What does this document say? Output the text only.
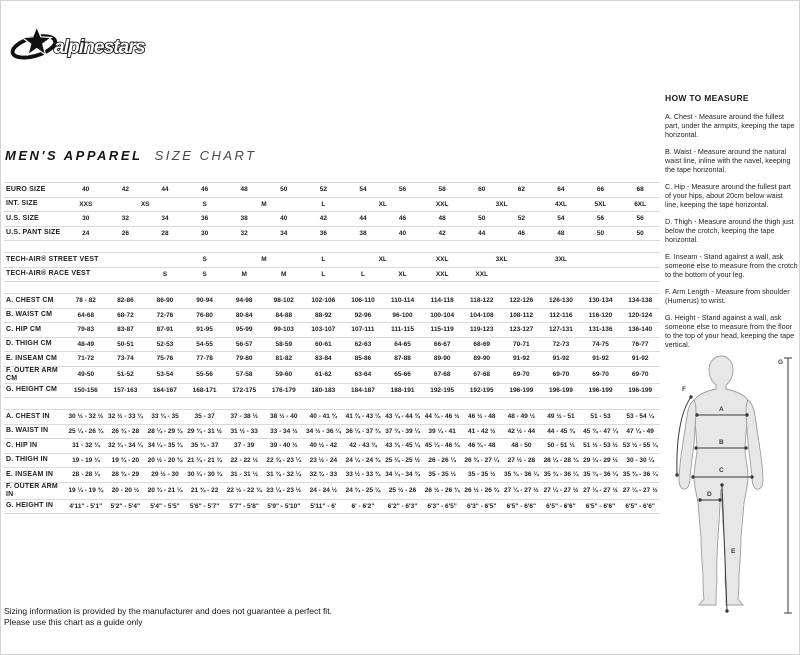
alpinestars
MEN'S APPAREL SIZE CHART
EURO SIZE	40	42	44	46	48	50	52	54	56	58	60	62	64	66	68
INT. SIZE	XXS	XS		S	M		L	XL		XXL	3XL		4XL	5XL	6XL
U.S. SIZE	30	32	34	36	38	40	42	44	46	48	50	52	54	56	56
U.S. PANT SIZE	24	26	28	30	32	34	36	38	40	42	44	46	48	50	50

TECH-AIR® STREET VEST				S	M		L	XL		XXL	3XL		3XL		
TECH-AIR® RACE VEST			S	S	M	M	L	L	XL	XXL	XXL				

A. CHEST CM	78 - 82	82-86	86-90	90-94	94-98	98-102	102-106	106-110	110-114	114-118	118-122	122-126	126-130	130-134	134-138
B. WAIST CM	64-68	68-72	72-76	76-80	80-84	84-88	88-92	92-96	96-100	100-104	104-108	108-112	112-116	116-120	120-124
C. HIP CM	79-83	83-87	87-91	91-95	95-99	99-103	103-107	107-111	111-115	115-119	119-123	123-127	127-131	131-136	136-140
D. THIGH CM	48-49	50-51	52-53	54-55	56-57	58-59	60-61	62-63	64-65	66-67	68-69	70-71	72-73	74-75	76-77
E. INSEAM CM	71-72	73-74	75-76	77-78	79-80	81-82	83-84	85-86	87-88	89-90	89-90	91-92	91-92	91-92	91-92
F. OUTER ARM CM	49-50	51-52	53-54	55-56	57-58	59-60	61-62	63-64	65-66	67-68	67-68	69-70	69-70	69-70	69-70
G. HEIGHT CM	150-156	157-163	164-167	168-171	172-175	176-179	180-183	184-187	188-191	192-195	192-195	196-199	196-199	196-199	196-199

A. CHEST IN	30 ½ - 32 ½	32 ½ - 33 ¾	33 ¾ - 35	35 - 37	37 - 38 ½	38 ½ - 40	40 - 41 ¾	41 ¾ - 43 ¼	43 ¼ - 44 ¾	44 ¾ - 46 ½	46 ½ - 48	48 - 49 ½	49 ½ - 51	51 - 53	53 - 54 ¼
B. WAIST IN	25 ¼ - 26 ¾	26 ¾ - 28	28 ¼ - 29 ¾	29 ¾ - 31 ½	31 ½ - 33	33 - 34 ½	34 ½ - 36 ¼	36 ¼ - 37 ¾	37 ¾ - 39 ¼	39 ¼ - 41	41 - 42 ½	42 ½ - 44	44 - 45 ¾	45 ¾ - 47 ¼	47 ¼ - 49
C. HIP IN	31 - 32 ¾	32 ¾ - 34 ¼	34 ¼ - 35 ¾	35 ¾ - 37	37 - 39	39 - 40 ½	40 ½ - 42	42 - 43 ¾	43 ¾ - 45 ¼	45 ¼ - 46 ¾	46 ¾ - 48	48 - 50	50 - 51 ½	51 ½ - 53 ½	53 ½ - 55 ¼
D. THIGH IN	19 - 19 ¼	19 ¾ - 20	20 ½ - 20 ¾	21 ¼ - 21 ¾	22 - 22 ½	22 ¾ - 23 ¼	23 ½ - 24	24 ¼ - 24 ¾	25 ¼ - 25 ½	26 - 26 ¼	26 ¾ - 27 ¼	27 ½ - 28	28 ¼ - 28 ¾	29 ¼ - 29 ½	30 - 30 ¼
E. INSEAM IN	28 - 28 ¼	28 ¾ - 29	29 ½ - 30	30 ¼ - 30 ¾	31 - 31 ½	31 ¾ - 32 ¼	32 ¾ - 33	33 ½ - 33 ¾	34 ¼ - 34 ¾	35 - 35 ½	35 - 35 ½	35 ¾ - 36 ¼	35 ¾ - 36 ¼	35 ¾ - 36 ¼	35 ¾ - 36 ¼
F. OUTER ARM IN	19 ¼ - 19 ¾	20 - 20 ½	20 ¾ - 21 ¼	21 ¾ - 22	22 ½ - 22 ¾	23 ¼ - 23 ½	24 - 24 ½	24 ¾ - 25 ¼	25 ½ - 26	26 ½ - 26 ¾	26 ½ - 26 ¾	27 ¼ - 27 ½	27 ¼ - 27 ½	27 ¼ - 27 ½	27 ¼ - 27 ½
G. HEIGHT IN	4'11" - 5'1"	5'2" - 5'4"	5'4" - 5'5"	5'6" - 5'7"	5'7" - 5'8"	5'9" - 5'10"	5'11" - 6'	6' - 6'2"	6'2" - 6'3"	6'3" - 6'5"	6'3" - 6'5"	6'5" - 6'6"	6'5" - 6'6"	6'5" - 6'6"	6'5" - 6'6"
HOW TO MEASURE

A. Chest - Measure around the fullest part, under the armpits, keeping the tape horizontal.

B. Waist - Measure around the natural waist line, inline with the navel, keeping the tape horizontal.

C. Hip - Measure around the fullest part of your hips, about 20cm below waist line, keeping the tape horizontal.

D. Thigh - Measure around the thigh just below the crotch, keeping the tape horizontal.

E. Inseam - Stand against a wall, ask someone else to measure from the crotch to the bottom of your leg.

F. Arm Length - Measure from shoulder (Humerus) to wrist.

G. Height - Stand against a wall, ask someone else to measure from the floor to the top of your head, keeping the tape vertical.

A
B
C
D
E
F
G
Sizing information is provided by the manufacturer and does not guarantee a perfect fit.
Please use this chart as a guide only
